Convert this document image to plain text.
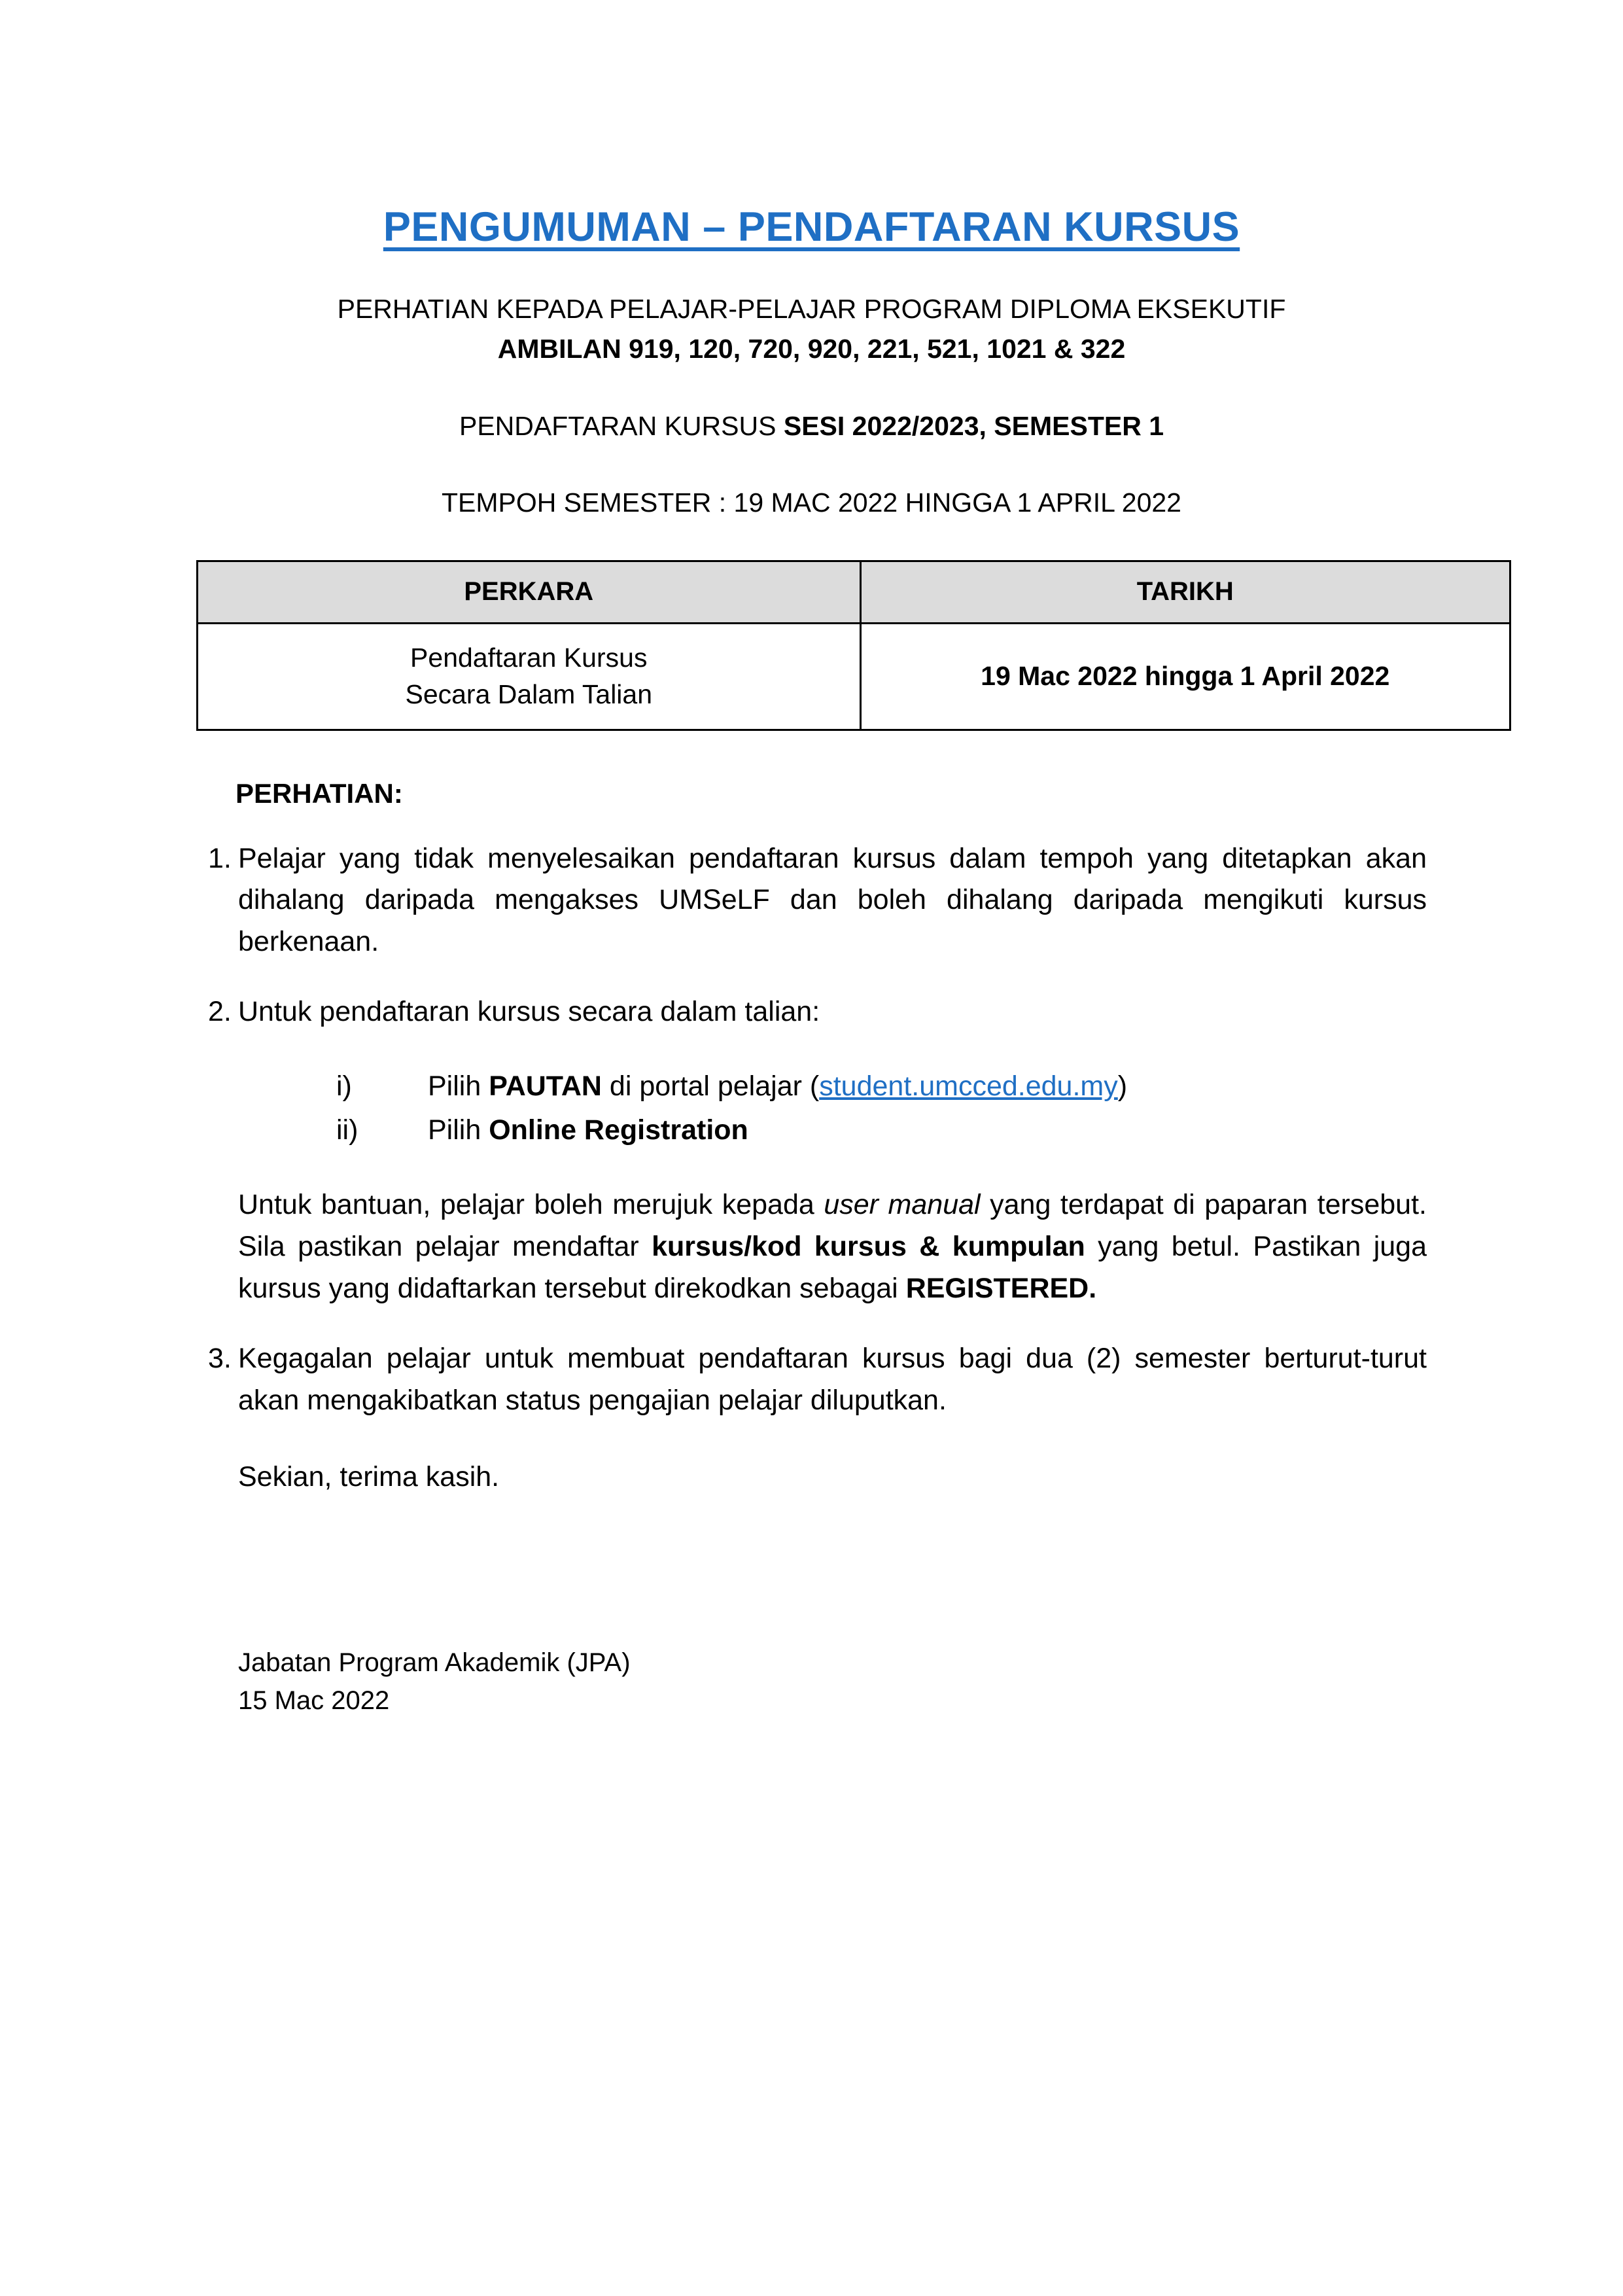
PENGUMUMAN – PENDAFTARAN KURSUS

PERHATIAN KEPADA PELAJAR-PELAJAR PROGRAM DIPLOMA EKSEKUTIF

AMBILAN 919, 120, 720, 920, 221, 521, 1021 & 322

PENDAFTARAN KURSUS SESI 2022/2023, SEMESTER 1

TEMPOH SEMESTER : 19 MAC 2022 HINGGA 1 APRIL 2022

PERKARA	TARIKH

Pendaftaran Kursus
Secara Dalam Talian	19 Mac 2022 hingga 1 April 2022
PERHATIAN:
1. Pelajar yang tidak menyelesaikan pendaftaran kursus dalam tempoh yang ditetapkan akan dihalang daripada mengakses UMSeLF dan boleh dihalang daripada mengikuti kursus berkenaan.
2. Untuk pendaftaran kursus secara dalam talian:
i)	Pilih PAUTAN di portal pelajar (student.umcced.edu.my)
ii)	Pilih Online Registration

Untuk bantuan, pelajar boleh merujuk kepada user manual yang terdapat di paparan tersebut. Sila pastikan pelajar mendaftar kursus/kod kursus & kumpulan yang betul. Pastikan juga kursus yang didaftarkan tersebut direkodkan sebagai REGISTERED.

3. Kegagalan pelajar untuk membuat pendaftaran kursus bagi dua (2) semester berturut-turut akan mengakibatkan status pengajian pelajar diluputkan.
Sekian, terima kasih.
Jabatan Program Akademik (JPA)
15 Mac 2022
